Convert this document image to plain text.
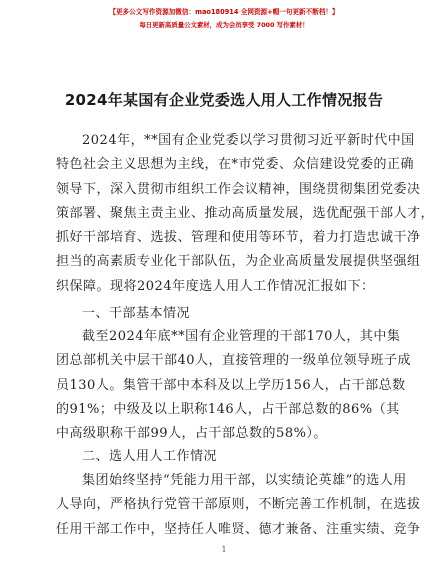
【更多公文写作资源加微信：mao180914 全网资源+帽一句更新不断档！】
每日更新高质量公文素材，成为会员享受 7000 写作素材！
2024年某国有企业党委选人用人工作情况报告
2024年，**国有企业党委以学习贯彻习近平新时代中国
特色社会主义思想为主线，在*市党委、众信建设党委的正确
领导下，深入贯彻市组织工作会议精神，围绕贯彻集团党委决
策部署、聚焦主责主业、推动高质量发展，选优配强干部人才，
抓好干部培育、选拔、管理和使用等环节，着力打造忠诚干净
担当的高素质专业化干部队伍，为企业高质量发展提供坚强组
织保障。现将2024年度选人用人工作情况汇报如下：
一、干部基本情况
截至2024年底**国有企业管理的干部170人，其中集
团总部机关中层干部40人，直接管理的一级单位领导班子成
员130人。集管干部中本科及以上学历156人，占干部总数
的91%；中级及以上职称146人，占干部总数的86%（其
中高级职称干部99人，占干部总数的58%）。
二、选人用人工作情况
集团始终坚持“凭能力用干部，以实绩论英雄”的选人用
人导向，严格执行党管干部原则，不断完善工作机制，在选拔
任用干部工作中，坚持任人唯贤、德才兼备、注重实绩、竞争
1
